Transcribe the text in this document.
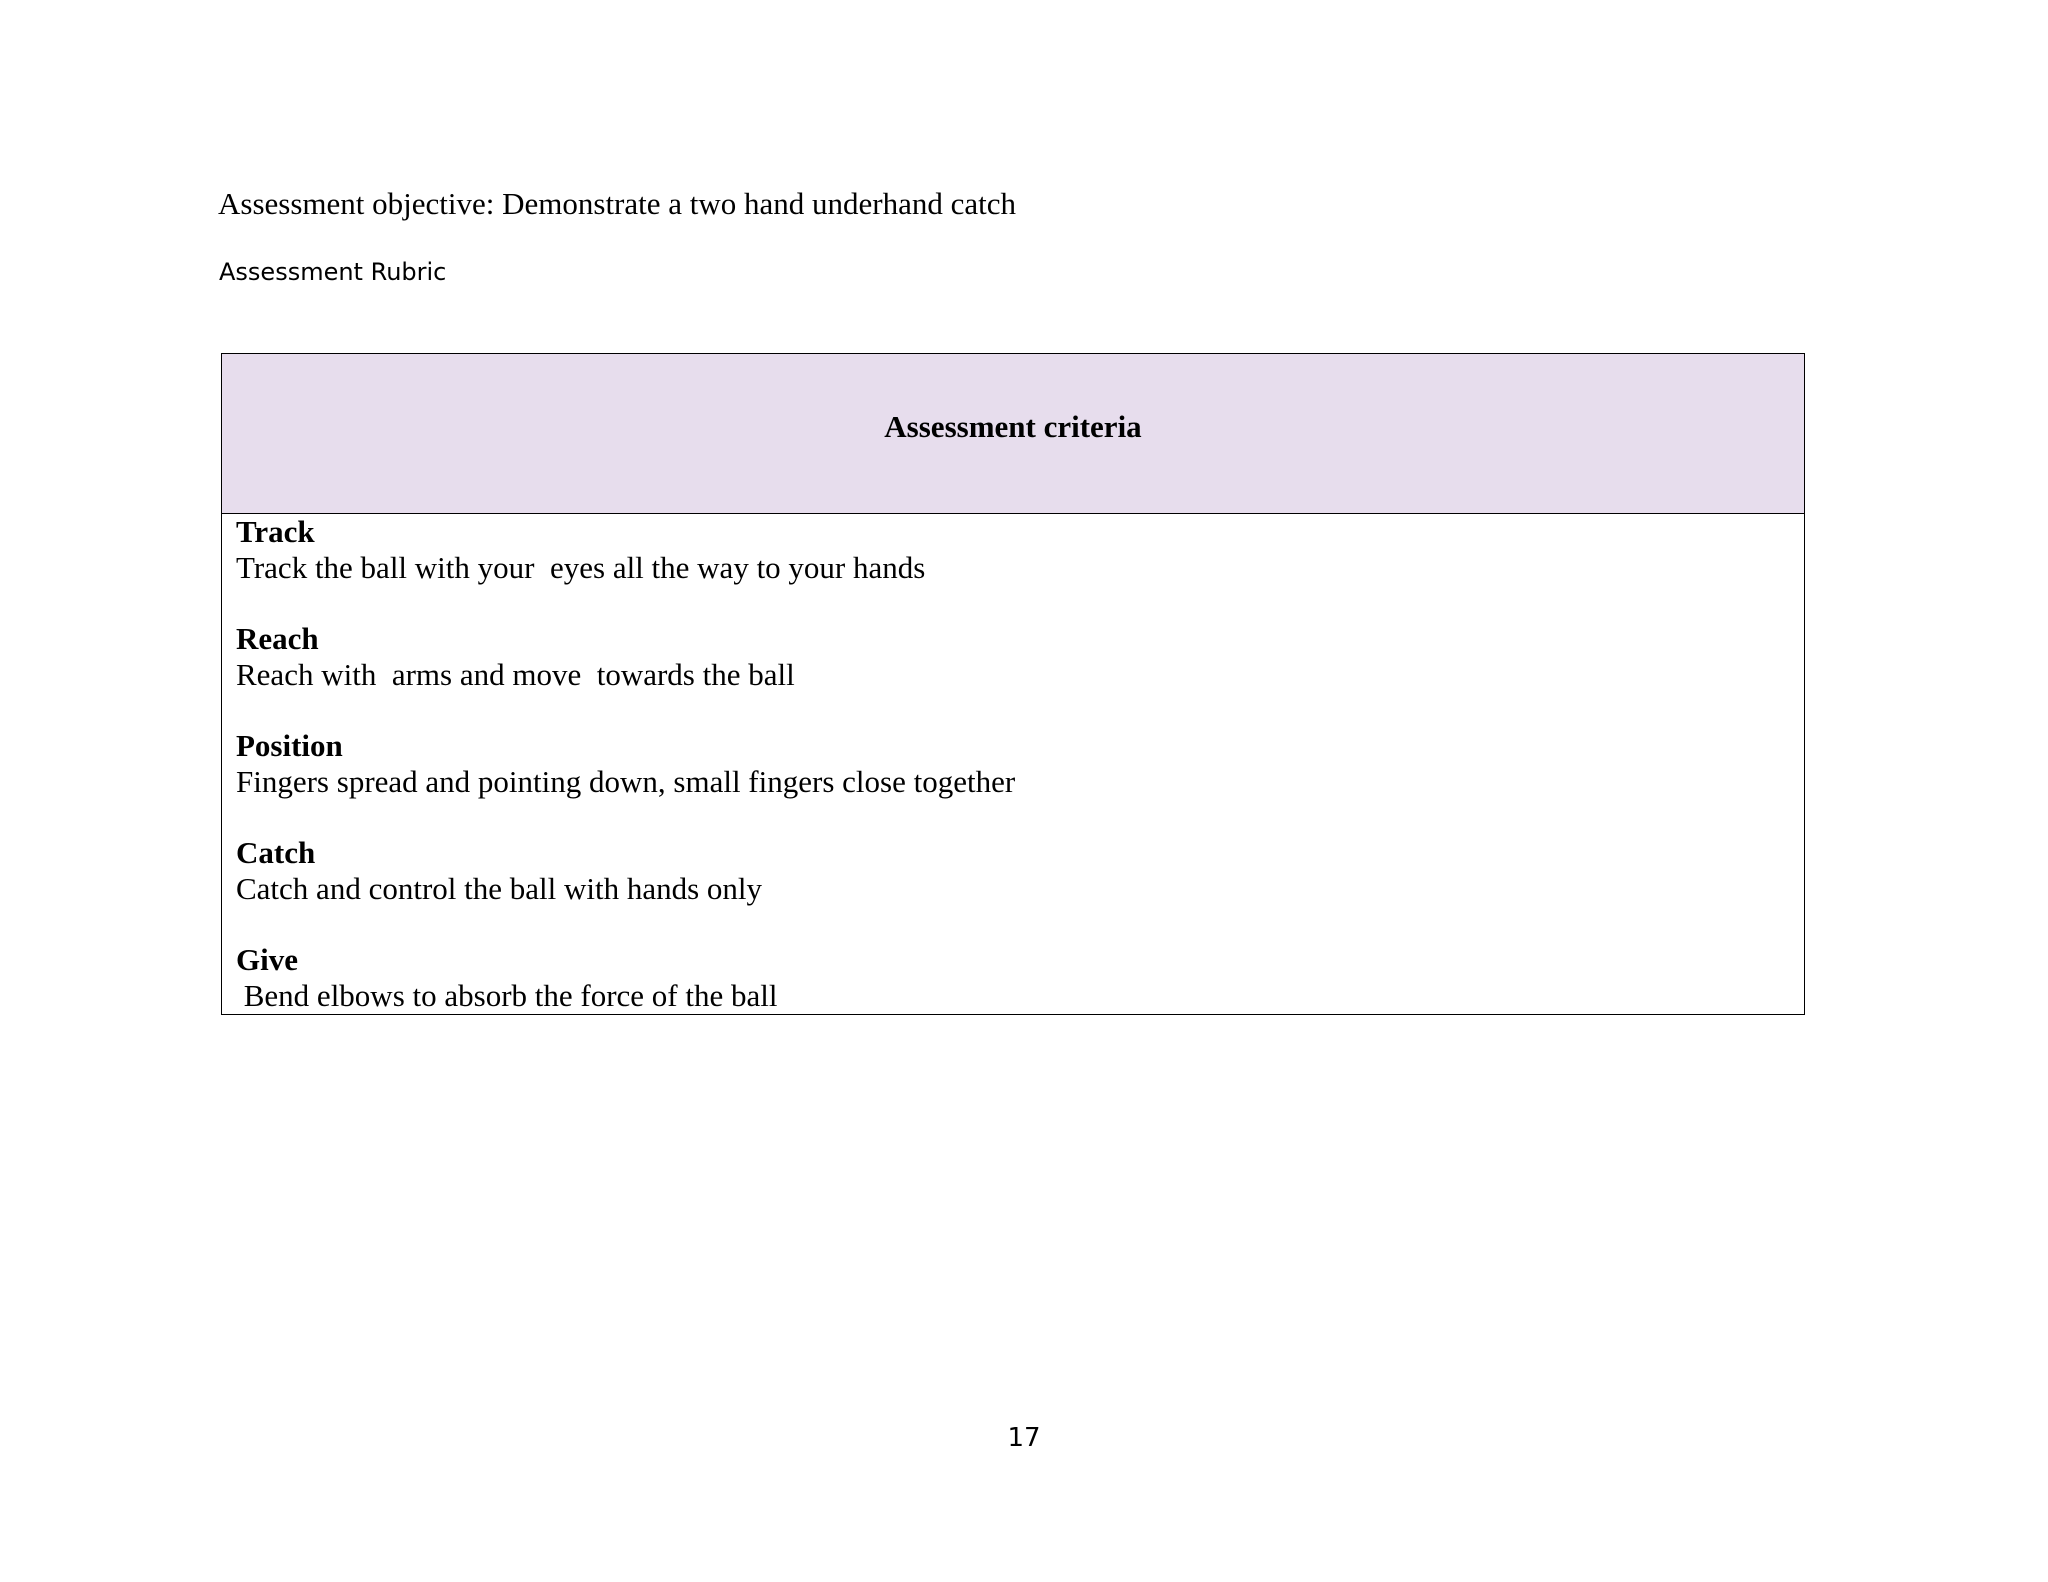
Assessment objective: Demonstrate a two hand underhand catch
Assessment Rubric
Assessment criteria
Track
Track the ball with your  eyes all the way to your hands
Reach
Reach with  arms and move  towards the ball
Position
Fingers spread and pointing down, small fingers close together
Catch
Catch and control the ball with hands only
Give
Bend elbows to absorb the force of the ball
17
